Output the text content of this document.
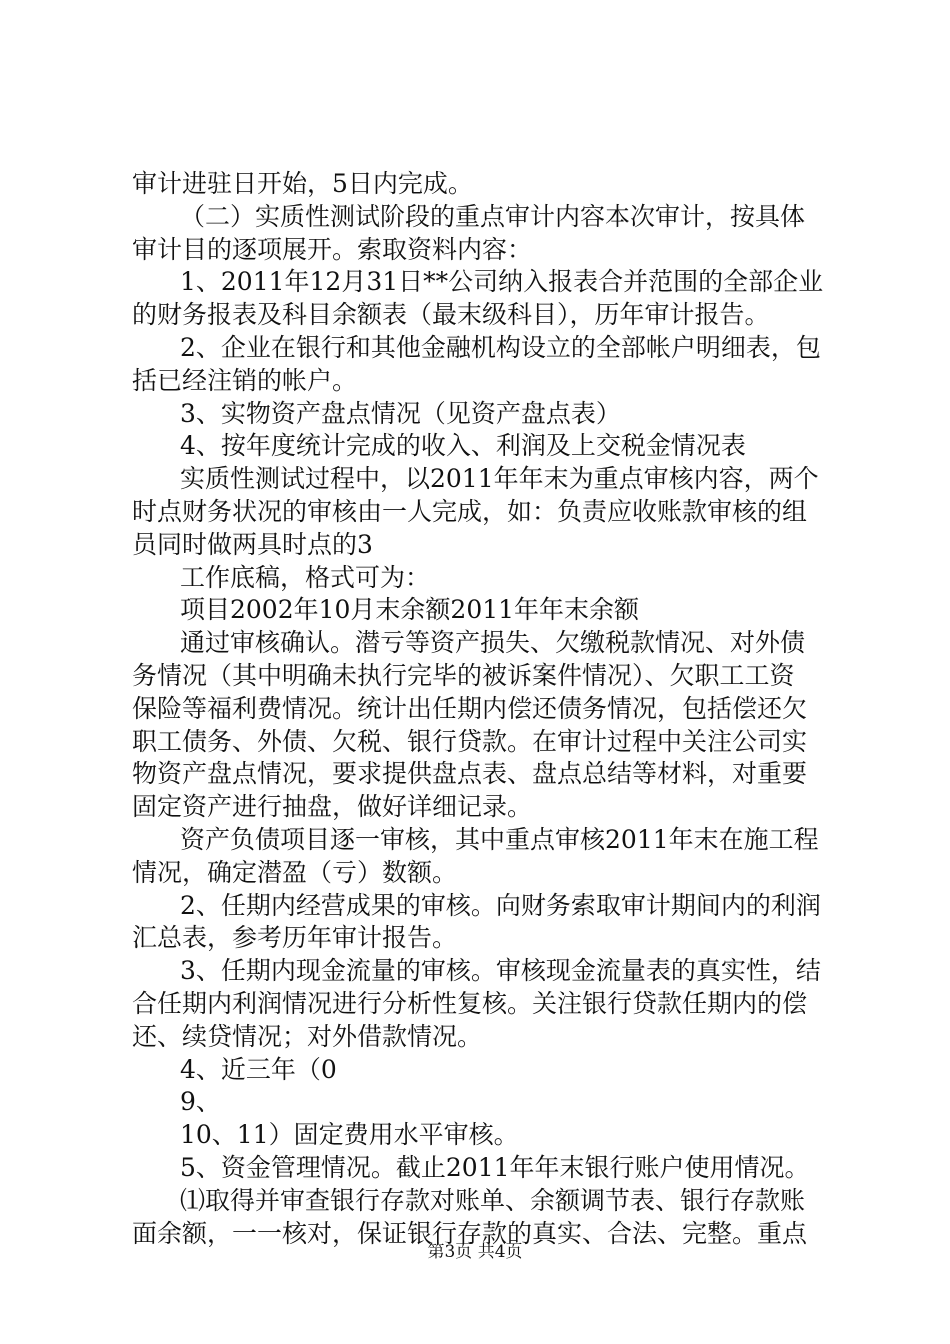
审计进驻日开始，5日内完成。
（二）实质性测试阶段的重点审计内容本次审计，按具体
审计目的逐项展开。索取资料内容：
1、2011年12月31日**公司纳入报表合并范围的全部企业
的财务报表及科目余额表（最末级科目），历年审计报告。
2、企业在银行和其他金融机构设立的全部帐户明细表，包
括已经注销的帐户。
3、实物资产盘点情况（见资产盘点表）
4、按年度统计完成的收入、利润及上交税金情况表
实质性测试过程中，以2011年年末为重点审核内容，两个
时点财务状况的审核由一人完成，如：负责应收账款审核的组
员同时做两具时点的3
工作底稿，格式可为：
项目2002年10月末余额2011年年末余额
通过审核确认。潜亏等资产损失、欠缴税款情况、对外债
务情况（其中明确未执行完毕的被诉案件情况）、欠职工工资
保险等福利费情况。统计出任期内偿还债务情况，包括偿还欠
职工债务、外债、欠税、银行贷款。在审计过程中关注公司实
物资产盘点情况，要求提供盘点表、盘点总结等材料，对重要
固定资产进行抽盘，做好详细记录。
资产负债项目逐一审核，其中重点审核2011年末在施工程
情况，确定潜盈（亏）数额。
2、任期内经营成果的审核。向财务索取审计期间内的利润
汇总表，参考历年审计报告。
3、任期内现金流量的审核。审核现金流量表的真实性，结
合任期内利润情况进行分析性复核。关注银行贷款任期内的偿
还、续贷情况；对外借款情况。
4、近三年（0
9、
10、11）固定费用水平审核。
5、资金管理情况。截止2011年年末银行账户使用情况。
⑴取得并审查银行存款对账单、余额调节表、银行存款账
面余额，一一核对，保证银行存款的真实、合法、完整。重点
第3页 共4页
